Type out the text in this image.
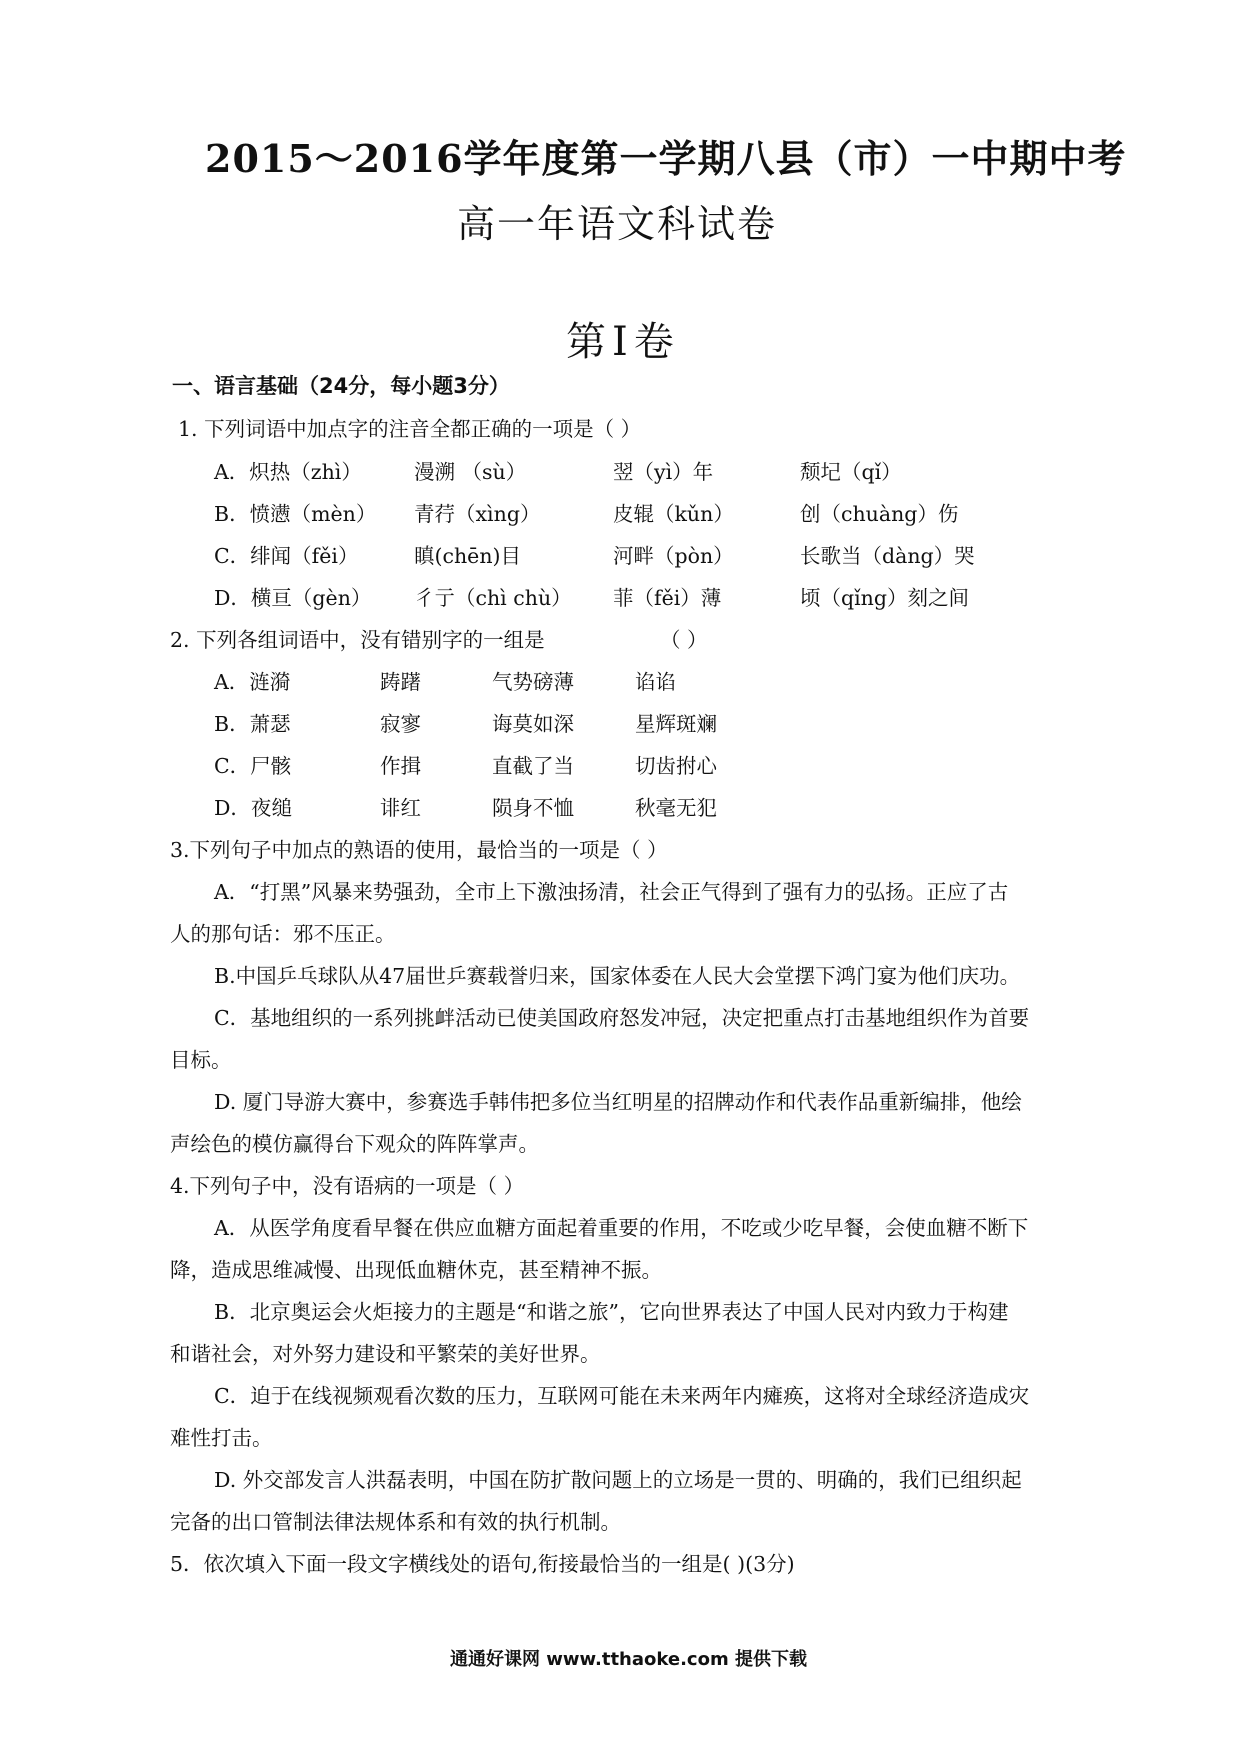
2015～2016学年度第一学期八县（市）一中期中考
高一年语文科试卷
第Ⅰ卷
一、语言基础（24分，每小题3分）
1. 下列词语中加点字的注音全都正确的一项是（ ）
A．炽热（zhì）	漫溯 （sù）	翌（yì）年	颓圮（qǐ）
B．愤懑（mèn） 青荇（xìng）	皮辊（kǔn）	创（chuàng）伤
C．绯闻（fěi）	瞋(chēn)目	河畔（pòn）	长歌当（dàng）哭
D．横亘（gèn） 彳亍（chì chù） 菲（fěi）薄	顷（qǐng）刻之间
2. 下列各组词语中，没有错别字的一组是	（ ）
A．涟漪	踌躇	气势磅薄	谄谄
B．萧瑟	寂寥	诲莫如深	星辉斑斓
C．尸骸	作揖	直截了当	切齿拊心
D．夜缒	诽红	陨身不恤	秋毫无犯
3.下列句子中加点的熟语的使用，最恰当的一项是（ ）
A．“打黑”风暴来势强劲，全市上下激浊扬清，社会正气得到了强有力的弘扬。正应了古
人的那句话：邪不压正。
B.中国乒乓球队从47届世乒赛载誉归来，国家体委在人民大会堂摆下鸿门宴为他们庆功。
C．基地组织的一系列挑衅活动已使美国政府怒发冲冠，决定把重点打击基地组织作为首要
目标。
D. 厦门导游大赛中，参赛选手韩伟把多位当红明星的招牌动作和代表作品重新编排，他绘
声绘色的模仿赢得台下观众的阵阵掌声。
4.下列句子中，没有语病的一项是（ ）
A．从医学角度看早餐在供应血糖方面起着重要的作用，不吃或少吃早餐，会使血糖不断下
降，造成思维减慢、出现低血糖休克，甚至精神不振。
B．北京奥运会火炬接力的主题是“和谐之旅”，它向世界表达了中国人民对内致力于构建
和谐社会，对外努力建设和平繁荣的美好世界。
C．迫于在线视频观看次数的压力，互联网可能在未来两年内瘫痪，这将对全球经济造成灾
难性打击。
D. 外交部发言人洪磊表明，中国在防扩散问题上的立场是一贯的、明确的，我们已组织起
完备的出口管制法律法规体系和有效的执行机制。
5．依次填入下面一段文字横线处的语句,衔接最恰当的一组是( )(3分)
通通好课网 www.tthaoke.com 提供下载
